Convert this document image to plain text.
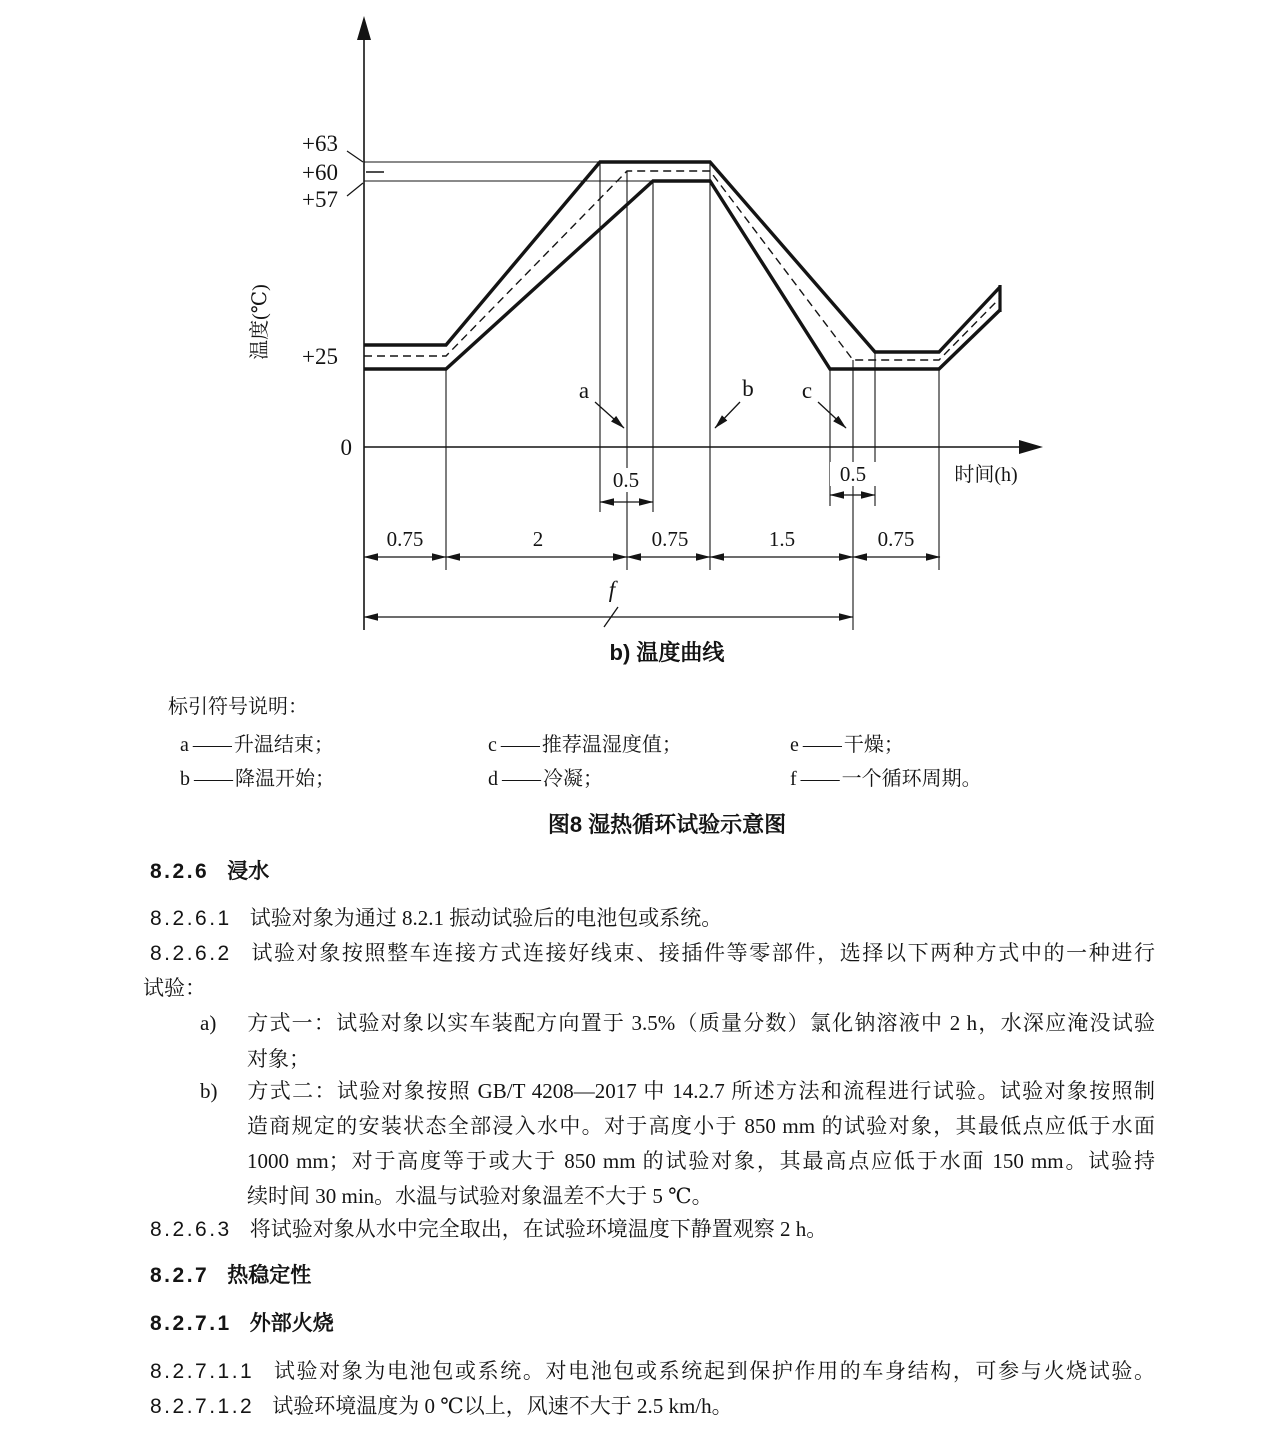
+63
+60
+57
+25
0
温度(℃)
时间(h)
a	b c
0.5	0.5
0.75	2	0.75	1.5	0.75
f
b) 温度曲线
标引符号说明：
a —— 升温结束；	c —— 推荐温湿度值；	e —— 干燥；
b —— 降温开始；	d —— 冷凝；	f —— 一个循环周期。
图8 湿热循环试验示意图
8.2.6 浸水
8.2.6.1 试验对象为通过 8.2.1 振动试验后的电池包或系统。
8.2.6.2 试验对象按照整车连接方式连接好线束、接插件等零部件，选择以下两种方式中的一种进行
试验：
a) 方式一：试验对象以实车装配方向置于 3.5%（质量分数）氯化钠溶液中 2 h，水深应淹没试验
对象；
b) 方式二：试验对象按照 GB/T 4208—2017 中 14.2.7 所述方法和流程进行试验。试验对象按照制
造商规定的安装状态全部浸入水中。对于高度小于 850 mm 的试验对象，其最低点应低于水面
1000 mm；对于高度等于或大于 850 mm 的试验对象，其最高点应低于水面 150 mm。试验持
续时间 30 min。水温与试验对象温差不大于 5 ℃。
8.2.6.3 将试验对象从水中完全取出，在试验环境温度下静置观察 2 h。
8.2.7 热稳定性
8.2.7.1 外部火烧
8.2.7.1.1 试验对象为电池包或系统。对电池包或系统起到保护作用的车身结构，可参与火烧试验。
8.2.7.1.2 试验环境温度为 0 ℃以上，风速不大于 2.5 km/h。
